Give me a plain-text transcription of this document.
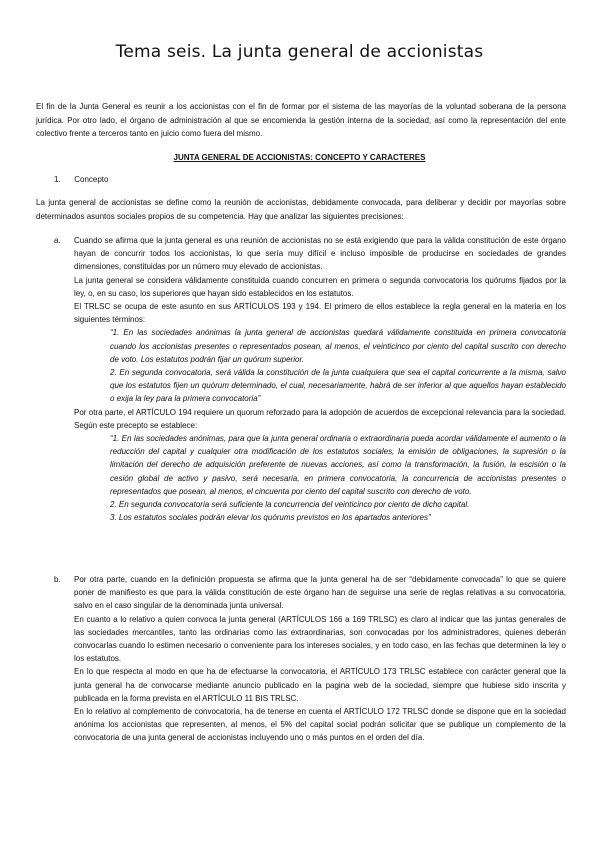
Tema seis. La junta general de accionistas
El fin de la Junta General es reunir a los accionistas con el fin de formar por el sistema de las mayorías de la voluntad soberana de la persona jurídica. Por otro lado, el órgano de administración al que se encomienda la gestión interna de la sociedad, así como la representación del ente colectivo frente a terceros tanto en juicio como fuera del mismo.
JUNTA GENERAL DE ACCIONISTAS: CONCEPTO Y CARACTERES
1. Concepto
La junta general de accionistas se define como la reunión de accionistas, debidamente convocada, para deliberar y decidir por mayorías sobre determinados asuntos sociales propios de su competencia. Hay que analizar las siguientes precisiones:
a. Cuando se afirma que la junta general es una reunión de accionistas no se está exigiendo que para la válida constitución de este órgano hayan de concurrir todos los accionistas, lo que sería muy difícil e incluso imposible de producirse en sociedades de grandes dimensiones, constituidas por un número muy elevado de accionistas.

La junta general se considera válidamente constituida cuando concurren en primera o segunda convocatoria los quórums fijados por la ley, o, en su caso, los superiores que hayan sido establecidos en los estatutos.

El TRLSC se ocupa de este asunto en sus ARTÍCULOS 193 y 194. El primero de ellos establece la regla general en la materia en los siguientes términos:

“1. En las sociedades anónimas la junta general de accionistas quedará válidamente constituida en primera convocatoria cuando los accionistas presentes o representados posean, al menos, el veinticinco por ciento del capital suscrito con derecho de voto. Los estatutos podrán fijar un quórum superior.

2. En segunda convocatoria, será válida la constitución de la junta cualquiera que sea el capital concurrente a la misma, salvo que los estatutos fijen un quórum determinado, el cual, necesariamente, habrá de ser inferior al que aquellos hayan establecido o exija la ley para la primera convocatoria”

Por otra parte, el ARTÍCULO 194 requiere un quorum reforzado para la adopción de acuerdos de excepcional relevancia para la sociedad. Según este precepto se establece:

“1. En las sociedades anónimas, para que la junta general ordinaria o extraordinaria pueda acordar válidamente el aumento o la reducción del capital y cualquier otra modificación de los estatutos sociales, la emisión de obligaciones, la supresión o la limitación del derecho de adquisición preferente de nuevas acciones, así como la transformación, la fusión, la escisión o la cesión global de activo y pasivo, será necesaria, en primera convocatoria, la concurrencia de accionistas presentes o representados que posean, al menos, el cincuenta por ciento del capital suscrito con derecho de voto.

2. En segunda convocatoria será suficiente la concurrencia del veinticinco por ciento de dicho capital.

3. Los estatutos sociales podrán elevar los quórums previstos en los apartados anteriores”

b. Por otra parte, cuando en la definición propuesta se afirma que la junta general ha de ser “debidamente convocada” lo que se quiere poner de manifiesto es que para la válida constitución de este órgano han de seguirse una serie de reglas relativas a su convocatoria, salvo en el caso singular de la denominada junta universal.

En cuanto a lo relativo a quien convoca la junta general (ARTÍCULOS 166 a 169 TRLSC) es claro al indicar que las juntas generales de las sociedades mercantiles, tanto las ordinarias como las extraordinarias, son convocadas por los administradores, quienes deberán convocarlas cuando lo estimen necesario o conveniente para los intereses sociales, y en todo caso, en las fechas que determinen la ley o los estatutos.

En lo que respecta al modo en que ha de efectuarse la convocatoria, el ARTÍCULO 173 TRLSC establece con carácter general que la junta general ha de convocarse mediante anuncio publicado en la pagina web de la sociedad, siempre que hubiese sido inscrita y publicada en la forma prevista en el ARTÍCULO 11 BIS TRLSC.

En lo relativo al complemento de convocatoria, ha de tenerse en cuenta el ARTÍCULO 172 TRLSC donde se dispone que en la sociedad anónima los accionistas que representen, al menos, el 5% del capital social podrán solicitar que se publique un complemento de la convocatoria de una junta general de accionistas incluyendo uno o más puntos en el orden del día.
